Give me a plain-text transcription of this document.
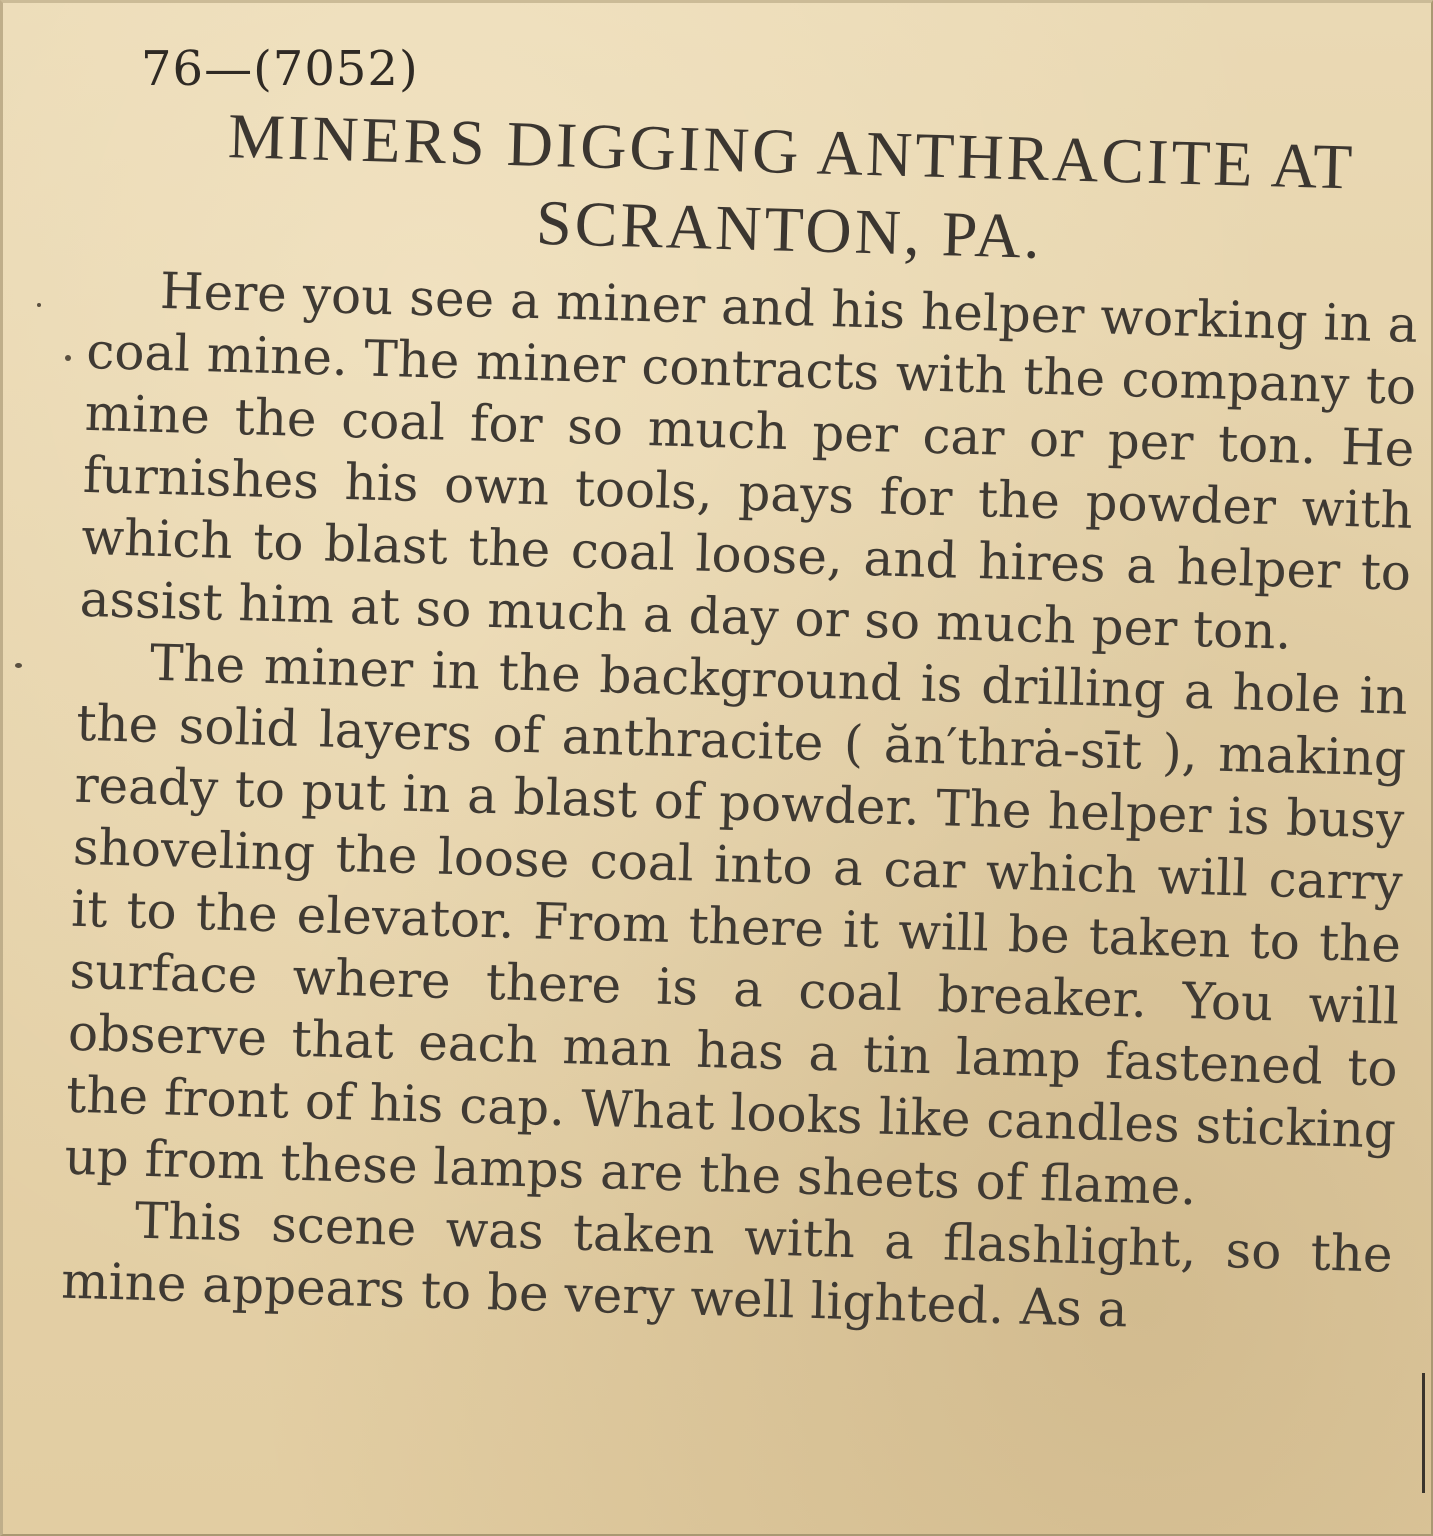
76—(7052)
MINERS DIGGING ANTHRACITE AT SCRANTON, PA.

Here you see a miner and his helper working in a coal mine. The miner contracts with the company to mine the coal for so much per car or per ton. He furnishes his own tools, pays for the powder with which to blast the coal loose, and hires a helper to assist him at so much a day or so much per ton.

The miner in the background is drilling a hole in the solid layers of anthracite ( ăn′thrȧ-sīt ), making ready to put in a blast of powder. The helper is busy shoveling the loose coal into a car which will carry it to the elevator. From there it will be taken to the surface where there is a coal breaker. You will observe that each man has a tin lamp fastened to the front of his cap. What looks like candles sticking up from these lamps are the sheets of flame.

This scene was taken with a flashlight, so the mine appears to be very well lighted. As a
